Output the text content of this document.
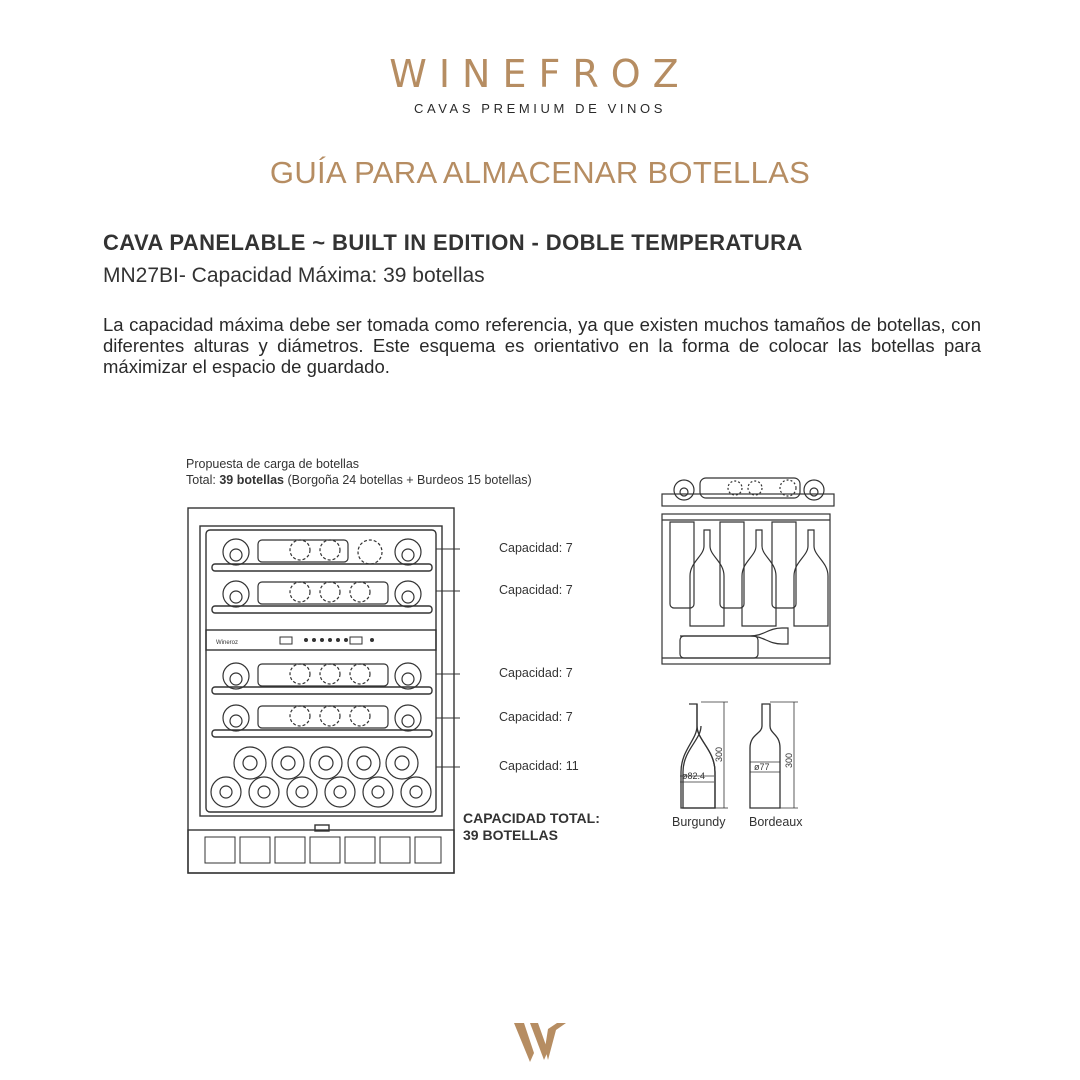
WINEFROZ
CAVAS PREMIUM DE VINOS
GUÍA PARA ALMACENAR BOTELLAS
CAVA PANELABLE ~ BUILT IN EDITION - DOBLE TEMPERATURA
MN27BI- Capacidad Máxima: 39 botellas
La capacidad máxima debe ser tomada como referencia, ya que existen muchos tamaños de botellas, con diferentes alturas y diámetros. Este esquema es orientativo en la forma de colocar las botellas para máximizar el espacio de guardado.
Propuesta de carga de botellas
Total: 39 botellas (Borgoña 24 botellas + Burdeos 15 botellas)
Wineroz
Capacidad: 7
Capacidad: 7
Capacidad: 7
Capacidad: 7
Capacidad: 11
CAPACIDAD TOTAL:
39 BOTELLAS
ø82.4
300
ø77 300
Burgundy Bordeaux
